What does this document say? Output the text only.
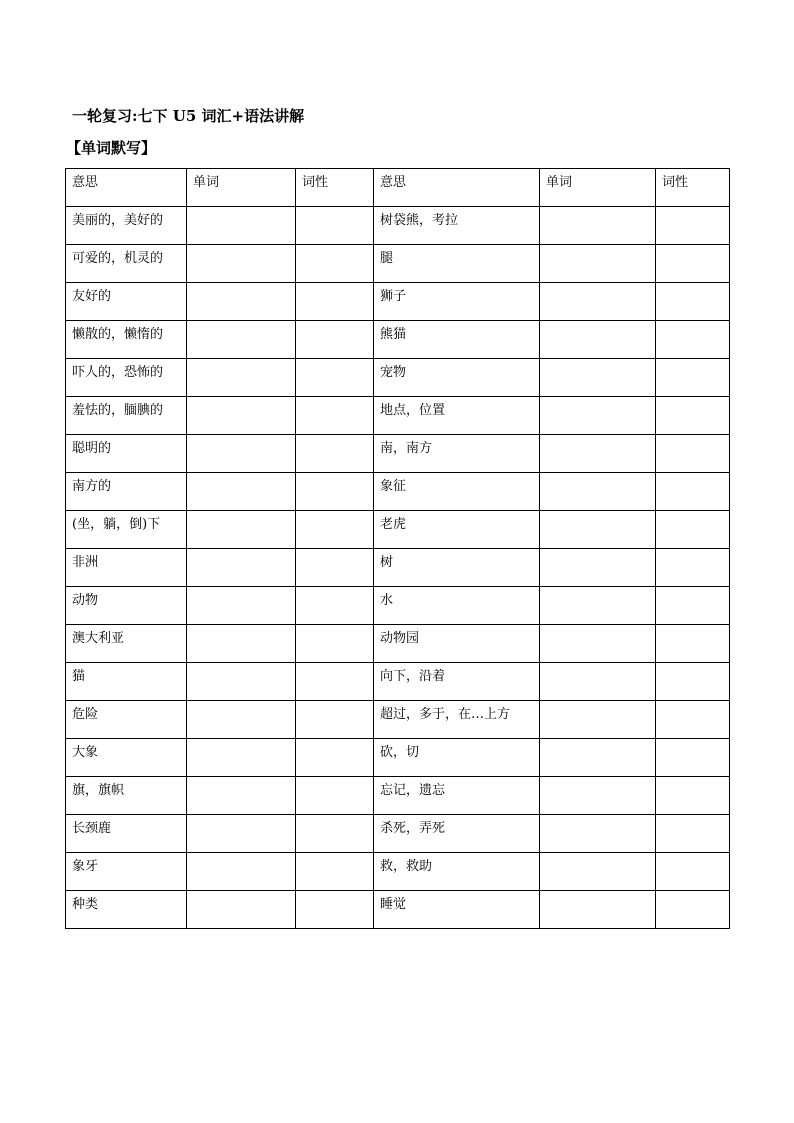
一轮复习:七下 U5 词汇+语法讲解
【单词默写】
意思	单词	词性	意思	单词	词性
美丽的，美好的			树袋熊，考拉		
可爱的，机灵的			腿		
友好的			狮子		
懒散的，懒惰的			熊猫		
吓人的，恐怖的			宠物		
羞怯的，腼腆的			地点，位置		
聪明的			南，南方		
南方的			象征		
(坐，躺，倒)下			老虎		
非洲			树		
动物			水		
澳大利亚			动物园		
猫			向下，沿着		
危险			超过，多于，在…上方		
大象			砍，切		
旗，旗帜			忘记，遗忘		
长颈鹿			杀死，弄死		
象牙			救，救助		
种类			睡觉		
